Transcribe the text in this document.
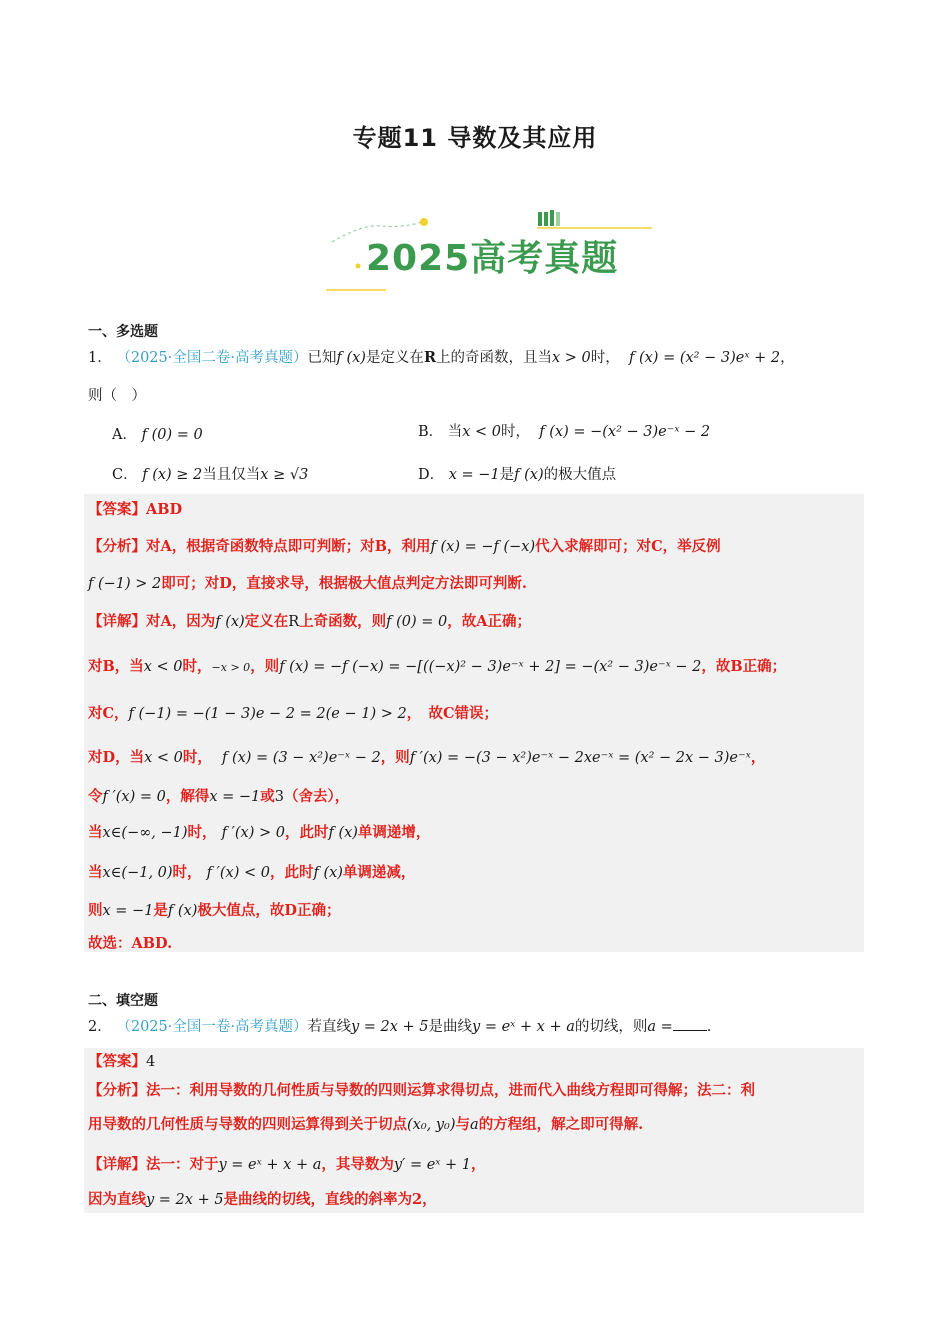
专题11 导数及其应用
2025高考真题
一、多选题
1． （2025·全国二卷·高考真题）已知f (x)是定义在R上的奇函数，且当x > 0时， f (x) = (x² − 3)eˣ + 2，
则（　）
A． f (0) = 0	B． 当x < 0时， f (x) = −(x² − 3)e⁻ˣ − 2
C． f (x) ≥ 2当且仅当x ≥ √3	D． x = −1是f (x)的极大值点
【答案】ABD
【分析】对A，根据奇函数特点即可判断；对B，利用f (x) = −f (−x)代入求解即可；对C，举反例
f (−1) > 2即可；对D，直接求导，根据极大值点判定方法即可判断.
【详解】对A，因为f (x)定义在R上奇函数，则f (0) = 0，故A正确；
对B，当x < 0时，−x > 0，则f (x) = −f (−x) = −[((−x)² − 3)e⁻ˣ + 2] = −(x² − 3)e⁻ˣ − 2，故B正确；
对C，f (−1) = −(1 − 3)e − 2 = 2(e − 1) > 2，　故C错误；
对D，当x < 0时， f (x) = (3 − x²)e⁻ˣ − 2，则f ′(x) = −(3 − x²)e⁻ˣ − 2xe⁻ˣ = (x² − 2x − 3)e⁻ˣ，
令f ′(x) = 0，解得x = −1或3（舍去），
当x∈(−∞, −1)时， f ′(x) > 0，此时f (x)单调递增，
当x∈(−1, 0)时， f ′(x) < 0，此时f (x)单调递减，
则x = −1是f (x)极大值点，故D正确；
故选：ABD.
二、填空题
2． （2025·全国一卷·高考真题）若直线y = 2x + 5是曲线y = eˣ + x + a的切线，则a = .
【答案】4
【分析】法一：利用导数的几何性质与导数的四则运算求得切点，进而代入曲线方程即可得解；法二：利
用导数的几何性质与导数的四则运算得到关于切点(x₀, y₀)与a的方程组，解之即可得解.
【详解】法一：对于y = eˣ + x + a，其导数为y′ = eˣ + 1，
因为直线y = 2x + 5是曲线的切线，直线的斜率为2，
